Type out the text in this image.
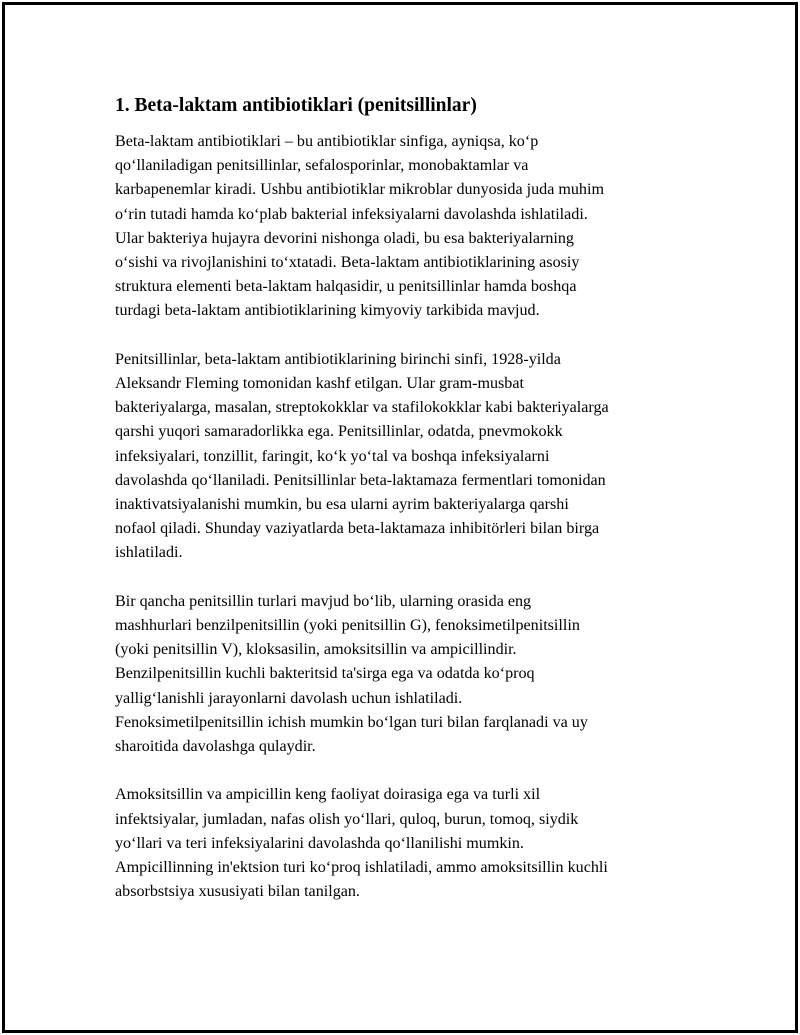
1. Beta-laktam antibiotiklari (penitsillinlar)

Beta-laktam antibiotiklari – bu antibiotiklar sinfiga, ayniqsa, ko‘p
qo‘llaniladigan penitsillinlar, sefalosporinlar, monobaktamlar va
karbapenemlar kiradi. Ushbu antibiotiklar mikroblar dunyosida juda muhim
o‘rin tutadi hamda ko‘plab bakterial infeksiyalarni davolashda ishlatiladi.
Ular bakteriya hujayra devorini nishonga oladi, bu esa bakteriyalarning
o‘sishi va rivojlanishini to‘xtatadi. Beta-laktam antibiotiklarining asosiy
struktura elementi beta-laktam halqasidir, u penitsillinlar hamda boshqa
turdagi beta-laktam antibiotiklarining kimyoviy tarkibida mavjud.

Penitsillinlar, beta-laktam antibiotiklarining birinchi sinfi, 1928-yilda
Aleksandr Fleming tomonidan kashf etilgan. Ular gram-musbat
bakteriyalarga, masalan, streptokokklar va stafilokokklar kabi bakteriyalarga
qarshi yuqori samaradorlikka ega. Penitsillinlar, odatda, pnevmokokk
infeksiyalari, tonzillit, faringit, ko‘k yo‘tal va boshqa infeksiyalarni
davolashda qo‘llaniladi. Penitsillinlar beta-laktamaza fermentlari tomonidan
inaktivatsiyalanishi mumkin, bu esa ularni ayrim bakteriyalarga qarshi
nofaol qiladi. Shunday vaziyatlarda beta-laktamaza inhibitörleri bilan birga
ishlatiladi.

Bir qancha penitsillin turlari mavjud bo‘lib, ularning orasida eng
mashhurlari benzilpenitsillin (yoki penitsillin G), fenoksimetilpenitsillin
(yoki penitsillin V), kloksasilin, amoksitsillin va ampicillindir.
Benzilpenitsillin kuchli bakteritsid ta'sirga ega va odatda ko‘proq
yallig‘lanishli jarayonlarni davolash uchun ishlatiladi.
Fenoksimetilpenitsillin ichish mumkin bo‘lgan turi bilan farqlanadi va uy
sharoitida davolashga qulaydir.

Amoksitsillin va ampicillin keng faoliyat doirasiga ega va turli xil
infektsiyalar, jumladan, nafas olish yo‘llari, quloq, burun, tomoq, siydik
yo‘llari va teri infeksiyalarini davolashda qo‘llanilishi mumkin.
Ampicillinning in'ektsion turi ko‘proq ishlatiladi, ammo amoksitsillin kuchli
absorbstsiya xususiyati bilan tanilgan.
